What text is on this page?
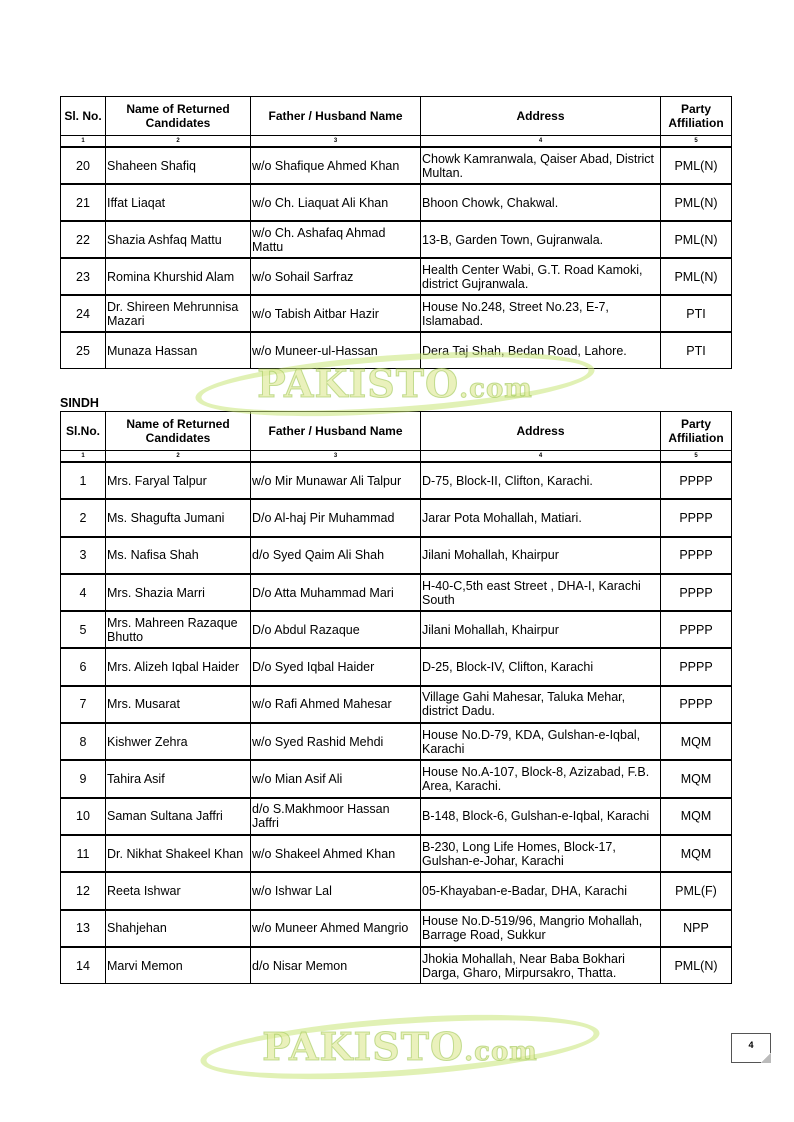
Sl. No.	Name of Returned Candidates	Father / Husband Name	Address	Party Affiliation
1	2	3	4	5
20	Shaheen Shafiq	w/o Shafique Ahmed Khan	Chowk Kamranwala, Qaiser Abad, District Multan.	PML(N)
21	Iffat Liaqat	w/o Ch. Liaquat Ali Khan	Bhoon Chowk, Chakwal.	PML(N)
22	Shazia Ashfaq Mattu	w/o Ch. Ashafaq Ahmad Mattu	13-B, Garden Town, Gujranwala.	PML(N)
23	Romina Khurshid Alam	w/o Sohail Sarfraz	Health Center Wabi, G.T. Road Kamoki, district Gujranwala.	PML(N)
24	Dr. Shireen Mehrunnisa Mazari	w/o Tabish Aitbar Hazir	House No.248, Street No.23, E-7, Islamabad.	PTI
25	Munaza Hassan	w/o Muneer-ul-Hassan	Dera Taj Shah, Bedan Road, Lahore.	PTI
SINDH
Sl.No.	Name of Returned Candidates	Father / Husband Name	Address	Party Affiliation
1	2	3	4	5
1	Mrs. Faryal Talpur	w/o Mir Munawar Ali Talpur	D-75, Block-II, Clifton, Karachi.	PPPP
2	Ms. Shagufta Jumani	D/o Al-haj Pir Muhammad	Jarar Pota Mohallah, Matiari.	PPPP
3	Ms. Nafisa Shah	d/o Syed Qaim Ali Shah	Jilani Mohallah, Khairpur	PPPP
4	Mrs. Shazia Marri	D/o Atta Muhammad Mari	H-40-C,5th east Street , DHA-I, Karachi South	PPPP
5	Mrs. Mahreen Razaque Bhutto	D/o Abdul Razaque	Jilani Mohallah, Khairpur	PPPP
6	Mrs. Alizeh Iqbal Haider	D/o Syed Iqbal Haider	D-25, Block-IV, Clifton, Karachi	PPPP
7	Mrs. Musarat	w/o Rafi Ahmed Mahesar	Village Gahi Mahesar, Taluka Mehar, district Dadu.	PPPP
8	Kishwer Zehra	w/o Syed Rashid Mehdi	House No.D-79, KDA, Gulshan-e-Iqbal, Karachi	MQM
9	Tahira Asif	w/o Mian Asif Ali	House No.A-107, Block-8, Azizabad, F.B. Area, Karachi.	MQM
10	Saman Sultana Jaffri	d/o S.Makhmoor Hassan Jaffri	B-148, Block-6, Gulshan-e-Iqbal, Karachi	MQM
11	Dr. Nikhat Shakeel Khan	w/o Shakeel Ahmed Khan	B-230, Long Life Homes, Block-17, Gulshan-e-Johar, Karachi	MQM
12	Reeta Ishwar	w/o Ishwar Lal	05-Khayaban-e-Badar, DHA, Karachi	PML(F)
13	Shahjehan	w/o Muneer Ahmed Mangrio	House No.D-519/96, Mangrio Mohallah, Barrage Road, Sukkur	NPP
14	Marvi Memon	d/o Nisar Memon	Jhokia Mohallah, Near Baba Bokhari Darga, Gharo, Mirpursakro, Thatta.	PML(N)
PAKISTO.com
PAKISTO.com	4
